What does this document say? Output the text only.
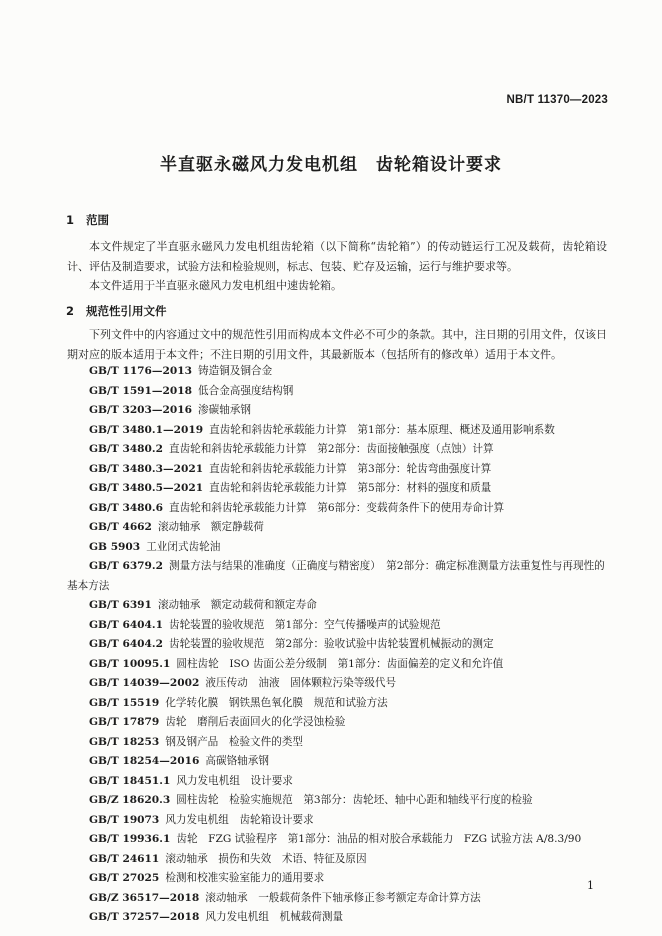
NB/T 11370—2023
半直驱永磁风力发电机组　齿轮箱设计要求
1 范围

本文件规定了半直驱永磁风力发电机组齿轮箱（以下简称“齿轮箱”）的传动链运行工况及载荷，齿轮箱设计、评估及制造要求，试验方法和检验规则，标志、包装、贮存及运输，运行与维护要求等。

本文件适用于半直驱永磁风力发电机组中速齿轮箱。

2 规范性引用文件

下列文件中的内容通过文中的规范性引用而构成本文件必不可少的条款。其中，注日期的引用文件，仅该日期对应的版本适用于本文件；不注日期的引用文件，其最新版本（包括所有的修改单）适用于本文件。

GB/T 1176—2013 铸造铜及铜合金
GB/T 1591—2018 低合金高强度结构钢
GB/T 3203—2016 渗碳轴承钢
GB/T 3480.1—2019 直齿轮和斜齿轮承载能力计算　第1部分：基本原理、概述及通用影响系数
GB/T 3480.2 直齿轮和斜齿轮承载能力计算　第2部分：齿面接触强度（点蚀）计算
GB/T 3480.3—2021 直齿轮和斜齿轮承载能力计算　第3部分：轮齿弯曲强度计算
GB/T 3480.5—2021 直齿轮和斜齿轮承载能力计算　第5部分：材料的强度和质量
GB/T 3480.6 直齿轮和斜齿轮承载能力计算　第6部分：变载荷条件下的使用寿命计算
GB/T 4662 滚动轴承　额定静载荷
GB 5903 工业闭式齿轮油
GB/T 6379.2 测量方法与结果的准确度（正确度与精密度）　第2部分：确定标准测量方法重复性与再现性的基本方法
GB/T 6391 滚动轴承　额定动载荷和额定寿命
GB/T 6404.1 齿轮装置的验收规范　第1部分：空气传播噪声的试验规范
GB/T 6404.2 齿轮装置的验收规范　第2部分：验收试验中齿轮装置机械振动的测定
GB/T 10095.1 圆柱齿轮　ISO 齿面公差分级制　第1部分：齿面偏差的定义和允许值
GB/T 14039—2002 液压传动　油液　固体颗粒污染等级代号
GB/T 15519 化学转化膜　钢铁黑色氧化膜　规范和试验方法
GB/T 17879 齿轮　磨削后表面回火的化学浸蚀检验
GB/T 18253 钢及钢产品　检验文件的类型
GB/T 18254—2016 高碳铬轴承钢
GB/T 18451.1 风力发电机组　设计要求
GB/Z 18620.3 圆柱齿轮　检验实施规范　第3部分：齿轮坯、轴中心距和轴线平行度的检验
GB/T 19073 风力发电机组　齿轮箱设计要求
GB/T 19936.1 齿轮　FZG 试验程序　第1部分：油品的相对胶合承载能力　FZG 试验方法 A/8.3/90
GB/T 24611 滚动轴承　损伤和失效　术语、特征及原因
GB/T 27025 检测和校准实验室能力的通用要求
GB/Z 36517—2018 滚动轴承　一般载荷条件下轴承修正参考额定寿命计算方法
GB/T 37257—2018 风力发电机组　机械载荷测量
1
